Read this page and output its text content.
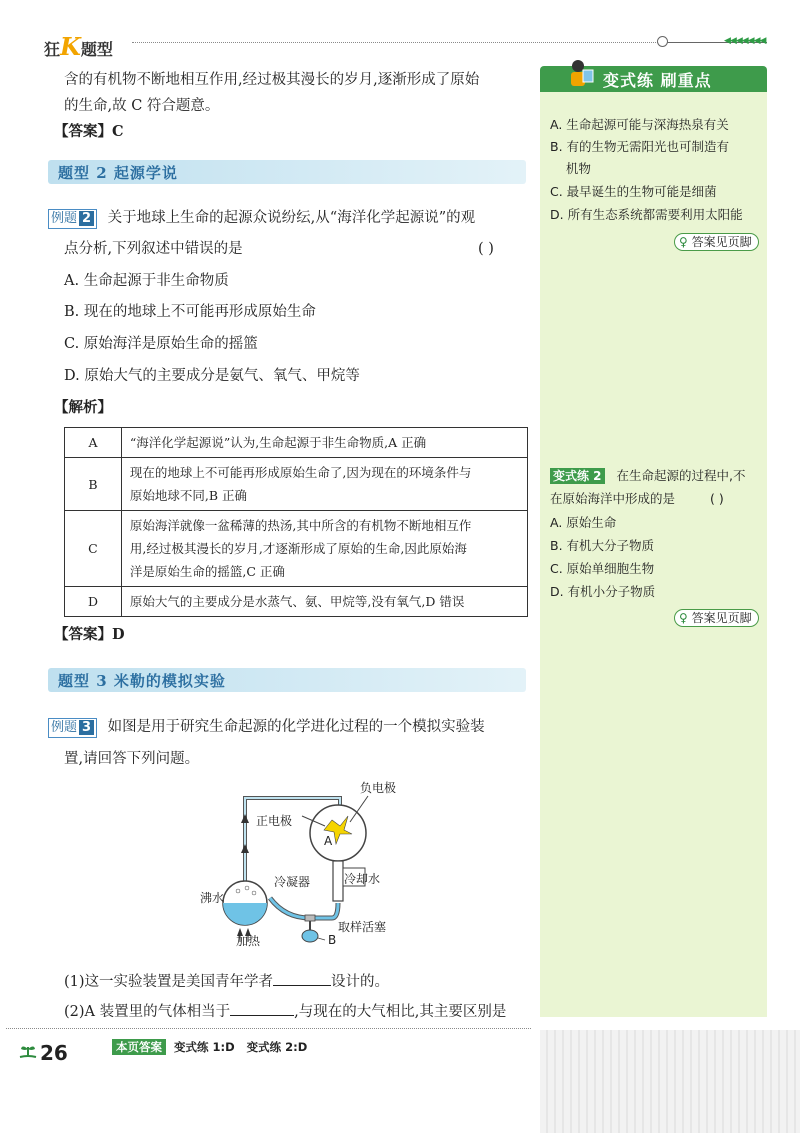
狂K题型	◀◀◀◀◀◀◀
含的有机物不断地相互作用,经过极其漫长的岁月,逐渐形成了原始
的生命,故 C 符合题意。
【答案】C
题型 2 起源学说
例题 2 关于地球上生命的起源众说纷纭,从“海洋化学起源说”的观
点分析,下列叙述中错误的是	( )
A. 生命起源于非生命物质
B. 现在的地球上不可能再形成原始生命
C. 原始海洋是原始生命的摇篮
D. 原始大气的主要成分是氨气、氧气、甲烷等
【解析】
A	“海洋化学起源说”认为,生命起源于非生命物质,A 正确

B	现在的地球上不可能再形成原始生命了,因为现在的环境条件与
原始地球不同,B 正确

C	原始海洋就像一盆稀薄的热汤,其中所含的有机物不断地相互作
用,经过极其漫长的岁月,才逐渐形成了原始的生命,因此原始海
洋是原始生命的摇篮,C 正确

D	原始大气的主要成分是水蒸气、氨、甲烷等,没有氧气,D 错误
【答案】D
题型 3 米勒的模拟实验
例题 3 如图是用于研究生命起源的化学进化过程的一个模拟实验装
置,请回答下列问题。
负电极
正电极
A
冷凝器	冷却水
沸水
取样活塞
加热	B
(1)这一实验装置是美国青年学者	设计的。
(2)A 装置里的气体相当于	,与现在的大气相比,其主要区别是
变式练 刷重点
A. 生命起源可能与深海热泉有关
B. 有的生物无需阳光也可制造有
机物
C. 最早诞生的生物可能是细菌
D. 所有生态系统都需要利用太阳能
♀ 答案见页脚
变式练 2 在生命起源的过程中,不
在原始海洋中形成的是	( )
A. 原始生命
B. 有机大分子物质
C. 原始单细胞生物
D. 有机小分子物质
♀ 答案见页脚
26	本页答案 变式练 1:D   变式练 2:D
